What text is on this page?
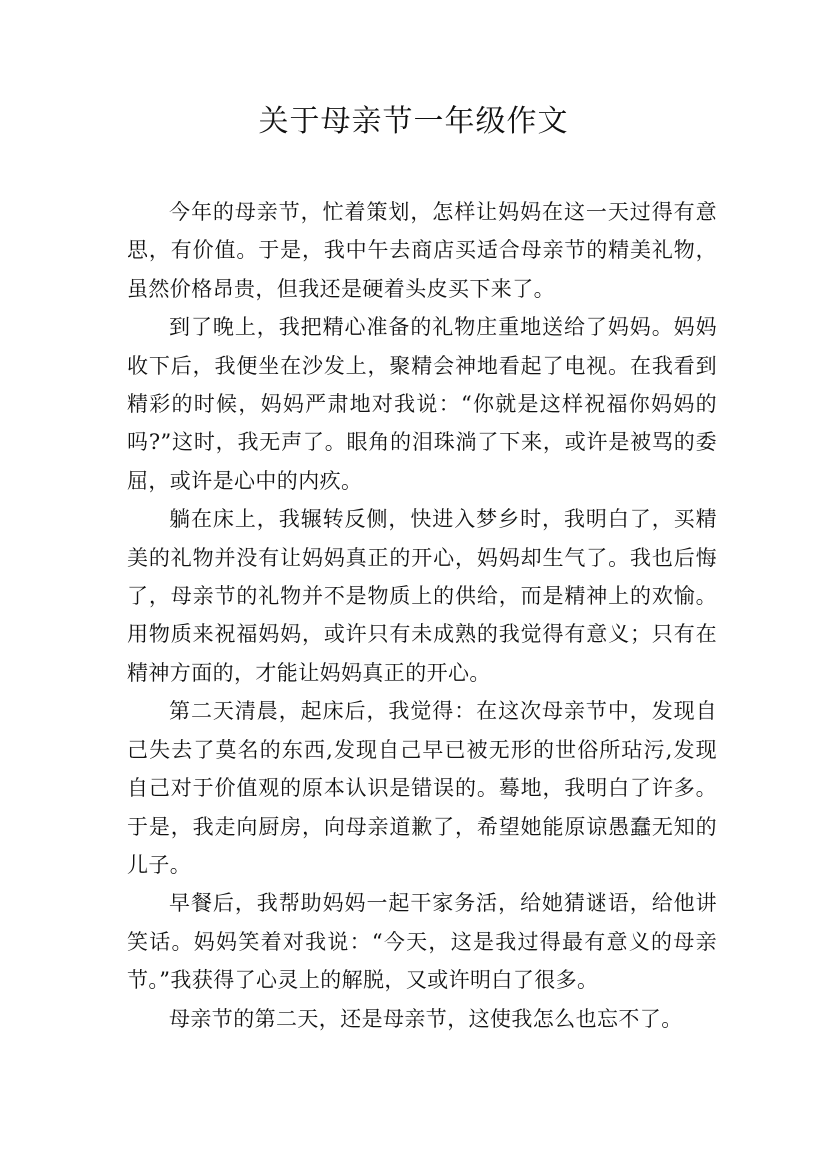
关于母亲节一年级作文

今年的母亲节，忙着策划，怎样让妈妈在这一天过得有意思，有价值。于是，我中午去商店买适合母亲节的精美礼物，虽然价格昂贵，但我还是硬着头皮买下来了。

到了晚上，我把精心准备的礼物庄重地送给了妈妈。妈妈收下后，我便坐在沙发上，聚精会神地看起了电视。在我看到精彩的时候，妈妈严肃地对我说：“你就是这样祝福你妈妈的吗?”这时，我无声了。眼角的泪珠淌了下来，或许是被骂的委屈，或许是心中的内疚。

躺在床上，我辗转反侧，快进入梦乡时，我明白了，买精美的礼物并没有让妈妈真正的开心，妈妈却生气了。我也后悔了，母亲节的礼物并不是物质上的供给，而是精神上的欢愉。用物质来祝福妈妈，或许只有未成熟的我觉得有意义；只有在精神方面的，才能让妈妈真正的开心。

第二天清晨，起床后，我觉得：在这次母亲节中，发现自己失去了莫名的东西,发现自己早已被无形的世俗所玷污,发现自己对于价值观的原本认识是错误的。蓦地，我明白了许多。于是，我走向厨房，向母亲道歉了，希望她能原谅愚蠢无知的儿子。

早餐后，我帮助妈妈一起干家务活，给她猜谜语，给他讲笑话。妈妈笑着对我说：“今天，这是我过得最有意义的母亲节。”我获得了心灵上的解脱，又或许明白了很多。

母亲节的第二天，还是母亲节，这使我怎么也忘不了。
